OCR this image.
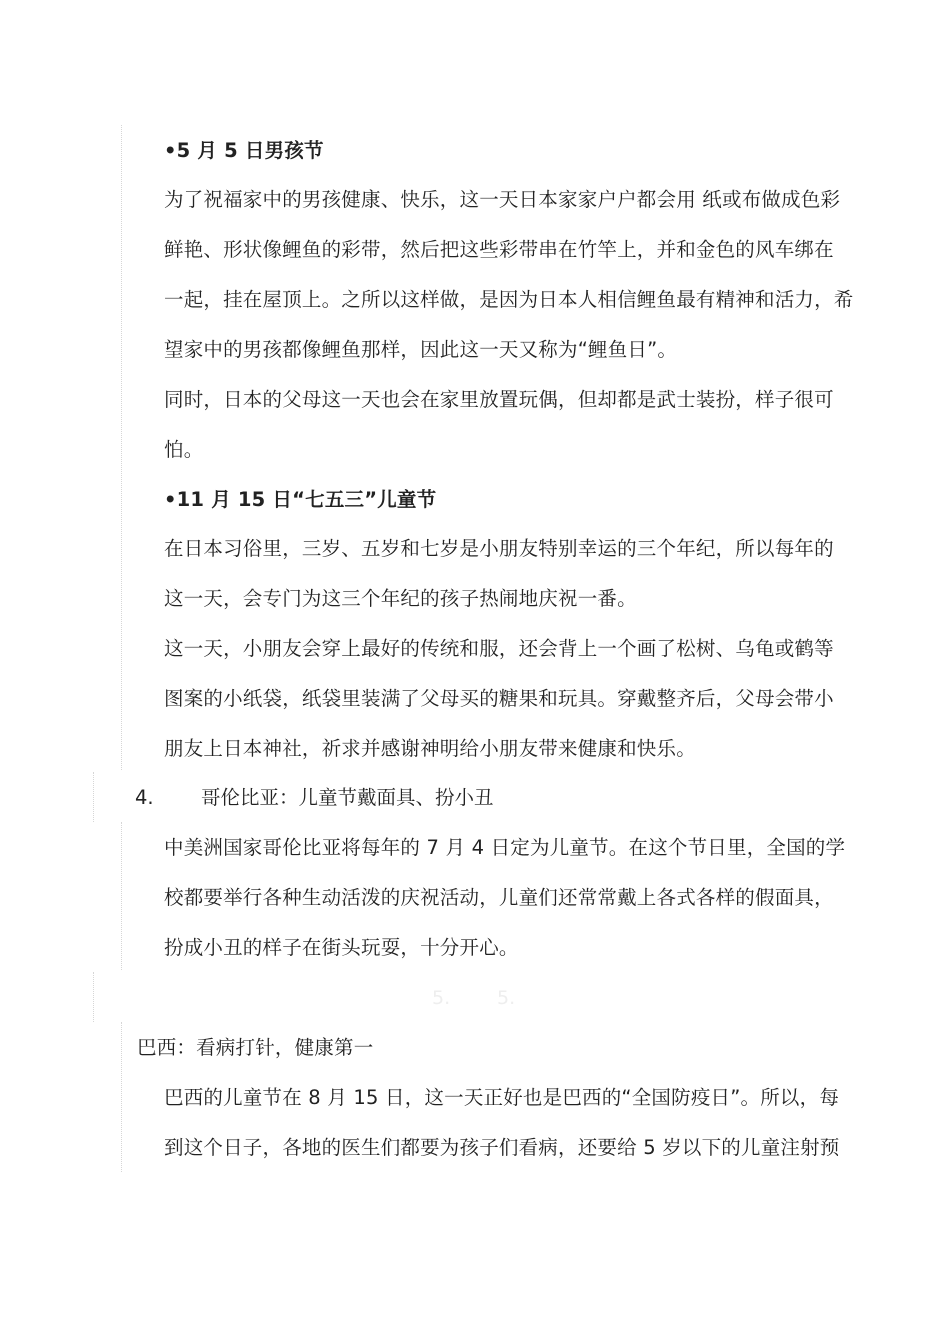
•5 月 5 日男孩节
为了祝福家中的男孩健康、快乐，这一天日本家家户户都会用 纸或布做成色彩
鲜艳、形状像鲤鱼的彩带，然后把这些彩带串在竹竿上，并和金色的风车绑在
一起，挂在屋顶上。之所以这样做，是因为日本人相信鲤鱼最有精神和活力，希
望家中的男孩都像鲤鱼那样，因此这一天又称为“鲤鱼日”。
同时，日本的父母这一天也会在家里放置玩偶，但却都是武士装扮，样子很可
怕。
•11 月 15 日“七五三”儿童节
在日本习俗里，三岁、五岁和七岁是小朋友特别幸运的三个年纪，所以每年的
这一天，会专门为这三个年纪的孩子热闹地庆祝一番。
这一天，小朋友会穿上最好的传统和服，还会背上一个画了松树、乌龟或鹤等
图案的小纸袋，纸袋里装满了父母买的糖果和玩具。穿戴整齐后，父母会带小
朋友上日本神社，祈求并感谢神明给小朋友带来健康和快乐。
4. 哥伦比亚：儿童节戴面具、扮小丑
中美洲国家哥伦比亚将每年的 7 月 4 日定为儿童节。在这个节日里，全国的学
校都要举行各种生动活泼的庆祝活动，儿童们还常常戴上各式各样的假面具，
扮成小丑的样子在街头玩耍，十分开心。
5. 5.
巴西：看病打针，健康第一
巴西的儿童节在 8 月 15 日，这一天正好也是巴西的“全国防疫日”。所以，每
到这个日子，各地的医生们都要为孩子们看病，还要给 5 岁以下的儿童注射预
